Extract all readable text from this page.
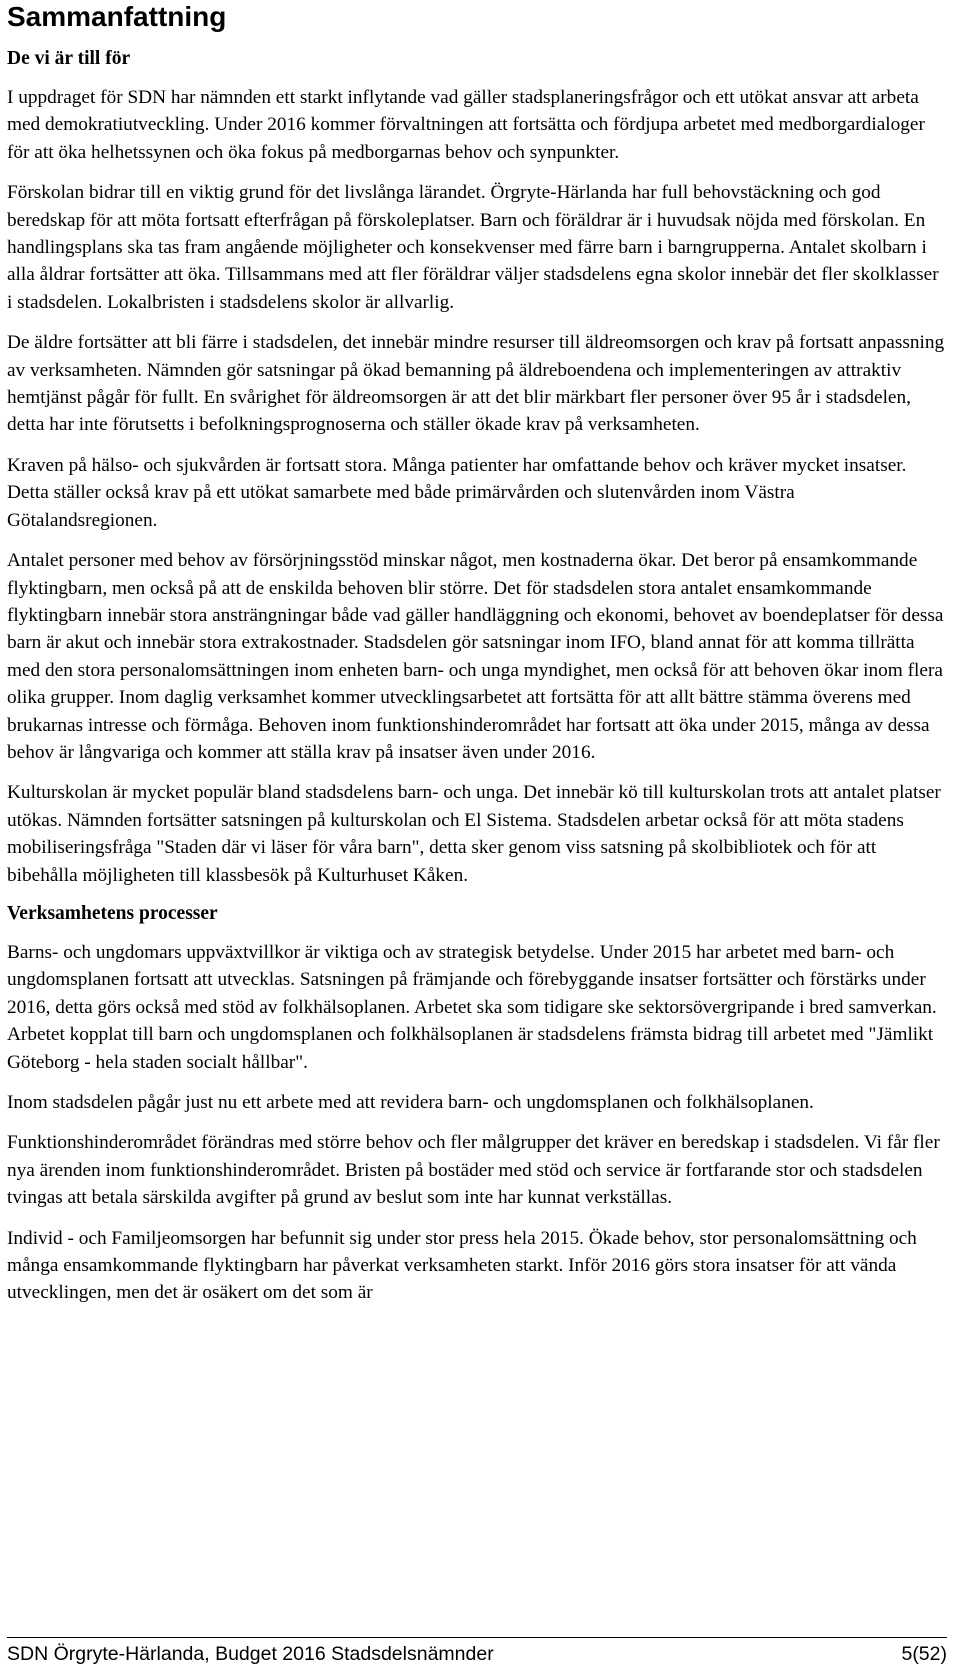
Sammanfattning
De vi är till för

I uppdraget för SDN har nämnden ett starkt inflytande vad gäller stadsplaneringsfrågor och ett utökat ansvar att arbeta med demokratiutveckling. Under 2016 kommer förvaltningen att fortsätta och fördjupa arbetet med medborgardialoger för att öka helhetssynen och öka fokus på medborgarnas behov och synpunkter.

Förskolan bidrar till en viktig grund för det livslånga lärandet. Örgryte-Härlanda har full behovstäckning och god beredskap för att möta fortsatt efterfrågan på förskoleplatser. Barn och föräldrar är i huvudsak nöjda med förskolan. En handlingsplans ska tas fram angående möjligheter och konsekvenser med färre barn i barngrupperna. Antalet skolbarn i alla åldrar fortsätter att öka. Tillsammans med att fler föräldrar väljer stadsdelens egna skolor innebär det fler skolklasser i stadsdelen. Lokalbristen i stadsdelens skolor är allvarlig.

De äldre fortsätter att bli färre i stadsdelen, det innebär mindre resurser till äldreomsorgen och krav på fortsatt anpassning av verksamheten. Nämnden gör satsningar på ökad bemanning på äldreboendena och implementeringen av attraktiv hemtjänst pågår för fullt. En svårighet för äldreomsorgen är att det blir märkbart fler personer över 95 år i stadsdelen, detta har inte förutsetts i befolkningsprognoserna och ställer ökade krav på verksamheten.

Kraven på hälso- och sjukvården är fortsatt stora. Många patienter har omfattande behov och kräver mycket insatser. Detta ställer också krav på ett utökat samarbete med både primärvården och slutenvården inom Västra Götalandsregionen.

Antalet personer med behov av försörjningsstöd minskar något, men kostnaderna ökar. Det beror på ensamkommande flyktingbarn, men också på att de enskilda behoven blir större. Det för stadsdelen stora antalet ensamkommande flyktingbarn innebär stora ansträngningar både vad gäller handläggning och ekonomi, behovet av boendeplatser för dessa barn är akut och innebär stora extrakostnader. Stadsdelen gör satsningar inom IFO, bland annat för att komma tillrätta med den stora personalomsättningen inom enheten barn- och unga myndighet, men också för att behoven ökar inom flera olika grupper. Inom daglig verksamhet kommer utvecklingsarbetet att fortsätta för att allt bättre stämma överens med brukarnas intresse och förmåga. Behoven inom funktionshinderområdet har fortsatt att öka under 2015, många av dessa behov är långvariga och kommer att ställa krav på insatser även under 2016.

Kulturskolan är mycket populär bland stadsdelens barn- och unga. Det innebär kö till kulturskolan trots att antalet platser utökas. Nämnden fortsätter satsningen på kulturskolan och El Sistema. Stadsdelen arbetar också för att möta stadens mobiliseringsfråga "Staden där vi läser för våra barn", detta sker genom viss satsning på skolbibliotek och för att bibehålla möjligheten till klassbesök på Kulturhuset Kåken.

Verksamhetens processer

Barns- och ungdomars uppväxtvillkor är viktiga och av strategisk betydelse. Under 2015 har arbetet med barn- och ungdomsplanen fortsatt att utvecklas. Satsningen på främjande och förebyggande insatser fortsätter och förstärks under 2016, detta görs också med stöd av folkhälsoplanen. Arbetet ska som tidigare ske sektorsövergripande i bred samverkan. Arbetet kopplat till barn och ungdomsplanen och folkhälsoplanen är stadsdelens främsta bidrag till arbetet med "Jämlikt Göteborg - hela staden socialt hållbar".

Inom stadsdelen pågår just nu ett arbete med att revidera barn- och ungdomsplanen och folkhälsoplanen.

Funktionshinderområdet förändras med större behov och fler målgrupper det kräver en beredskap i stadsdelen. Vi får fler nya ärenden inom funktionshinderområdet. Bristen på bostäder med stöd och service är fortfarande stor och stadsdelen tvingas att betala särskilda avgifter på grund av beslut som inte har kunnat verkställas.

Individ - och Familjeomsorgen har befunnit sig under stor press hela 2015. Ökade behov, stor personalomsättning och många ensamkommande flyktingbarn har påverkat verksamheten starkt. Inför 2016 görs stora insatser för att vända utvecklingen, men det är osäkert om det som är

SDN Örgryte-Härlanda, Budget 2016 Stadsdelsnämnder	5(52)
